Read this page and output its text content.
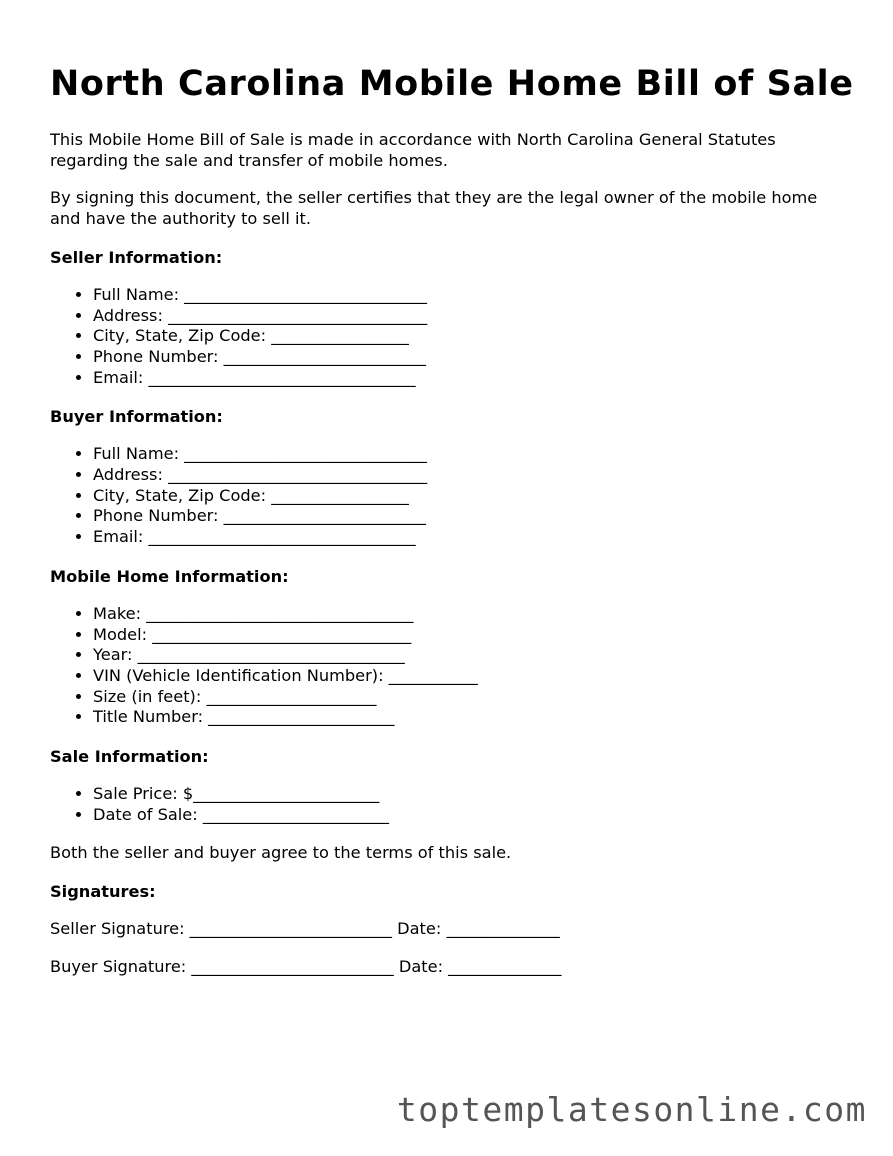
North Carolina Mobile Home Bill of Sale

This Mobile Home Bill of Sale is made in accordance with North Carolina General Statutes regarding the sale and transfer of mobile homes.

By signing this document, the seller certifies that they are the legal owner of the mobile home and have the authority to sell it.

Seller Information:
• Full Name: ______________________________
• Address: ________________________________
• City, State, Zip Code: _________________
• Phone Number: _________________________
• Email: _________________________________
Buyer Information:
• Full Name: ______________________________
• Address: ________________________________
• City, State, Zip Code: _________________
• Phone Number: _________________________
• Email: _________________________________
Mobile Home Information:
• Make: _________________________________
• Model: ________________________________
• Year: _________________________________
• VIN (Vehicle Identification Number): ___________
• Size (in feet): _____________________
• Title Number: _______________________
Sale Information:
• Sale Price: $_______________________
• Date of Sale: _______________________

Both the seller and buyer agree to the terms of this sale.

Signatures:

Seller Signature: _________________________ Date: ______________

Buyer Signature: _________________________ Date: ______________

toptemplatesonline.com
